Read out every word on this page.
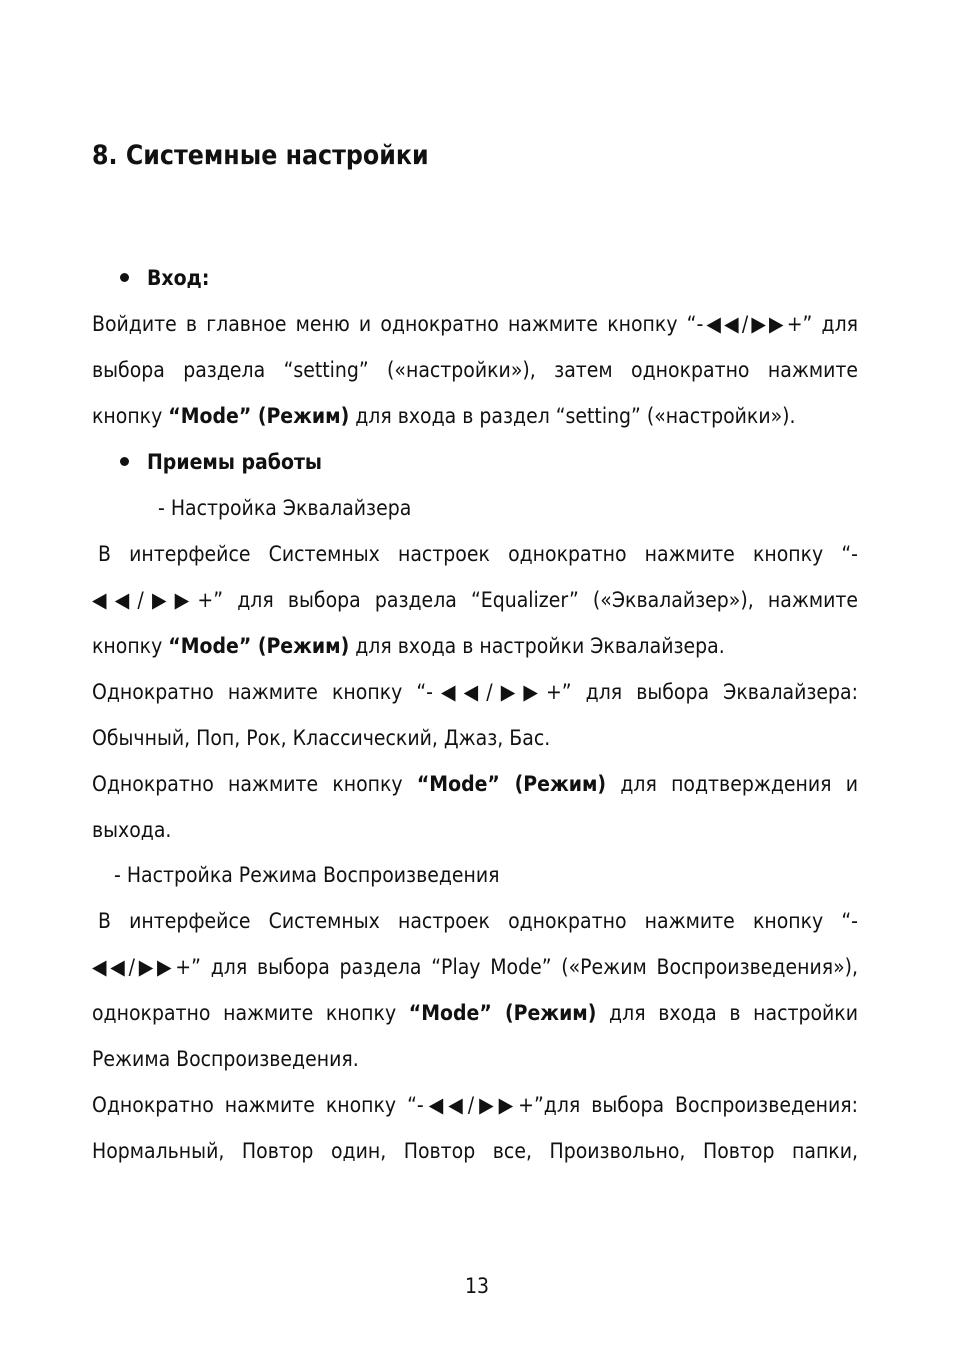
8. Системные настройки
Вход:
Войдите в главное меню и однократно нажмите кнопку “-◀◀/▶▶+” для
выбора раздела “setting” («настройки»), затем однократно нажмите
кнопку “Mode” (Режим) для входа в раздел “setting” («настройки»).
Приемы работы
- Настройка Эквалайзера
В интерфейсе Системных настроек однократно нажмите кнопку “-
◀◀/▶▶+” для выбора раздела “Equalizer” («Эквалайзер»), нажмите
кнопку “Mode” (Режим) для входа в настройки Эквалайзера.
Однократно нажмите кнопку “-◀◀/▶▶+” для выбора Эквалайзера:
Обычный, Поп, Рок, Классический, Джаз, Бас.
Однократно нажмите кнопку “Mode” (Режим) для подтверждения и
выхода.
- Настройка Режима Воспроизведения
В интерфейсе Системных настроек однократно нажмите кнопку “-
◀◀/▶▶+” для выбора раздела “Play Mode” («Режим Воспроизведения»),
однократно нажмите кнопку “Mode” (Режим) для входа в настройки
Режима Воспроизведения.
Однократно нажмите кнопку “-◀◀/▶▶+”для выбора Воспроизведения:
Нормальный, Повтор один, Повтор все, Произвольно, Повтор папки,
13
